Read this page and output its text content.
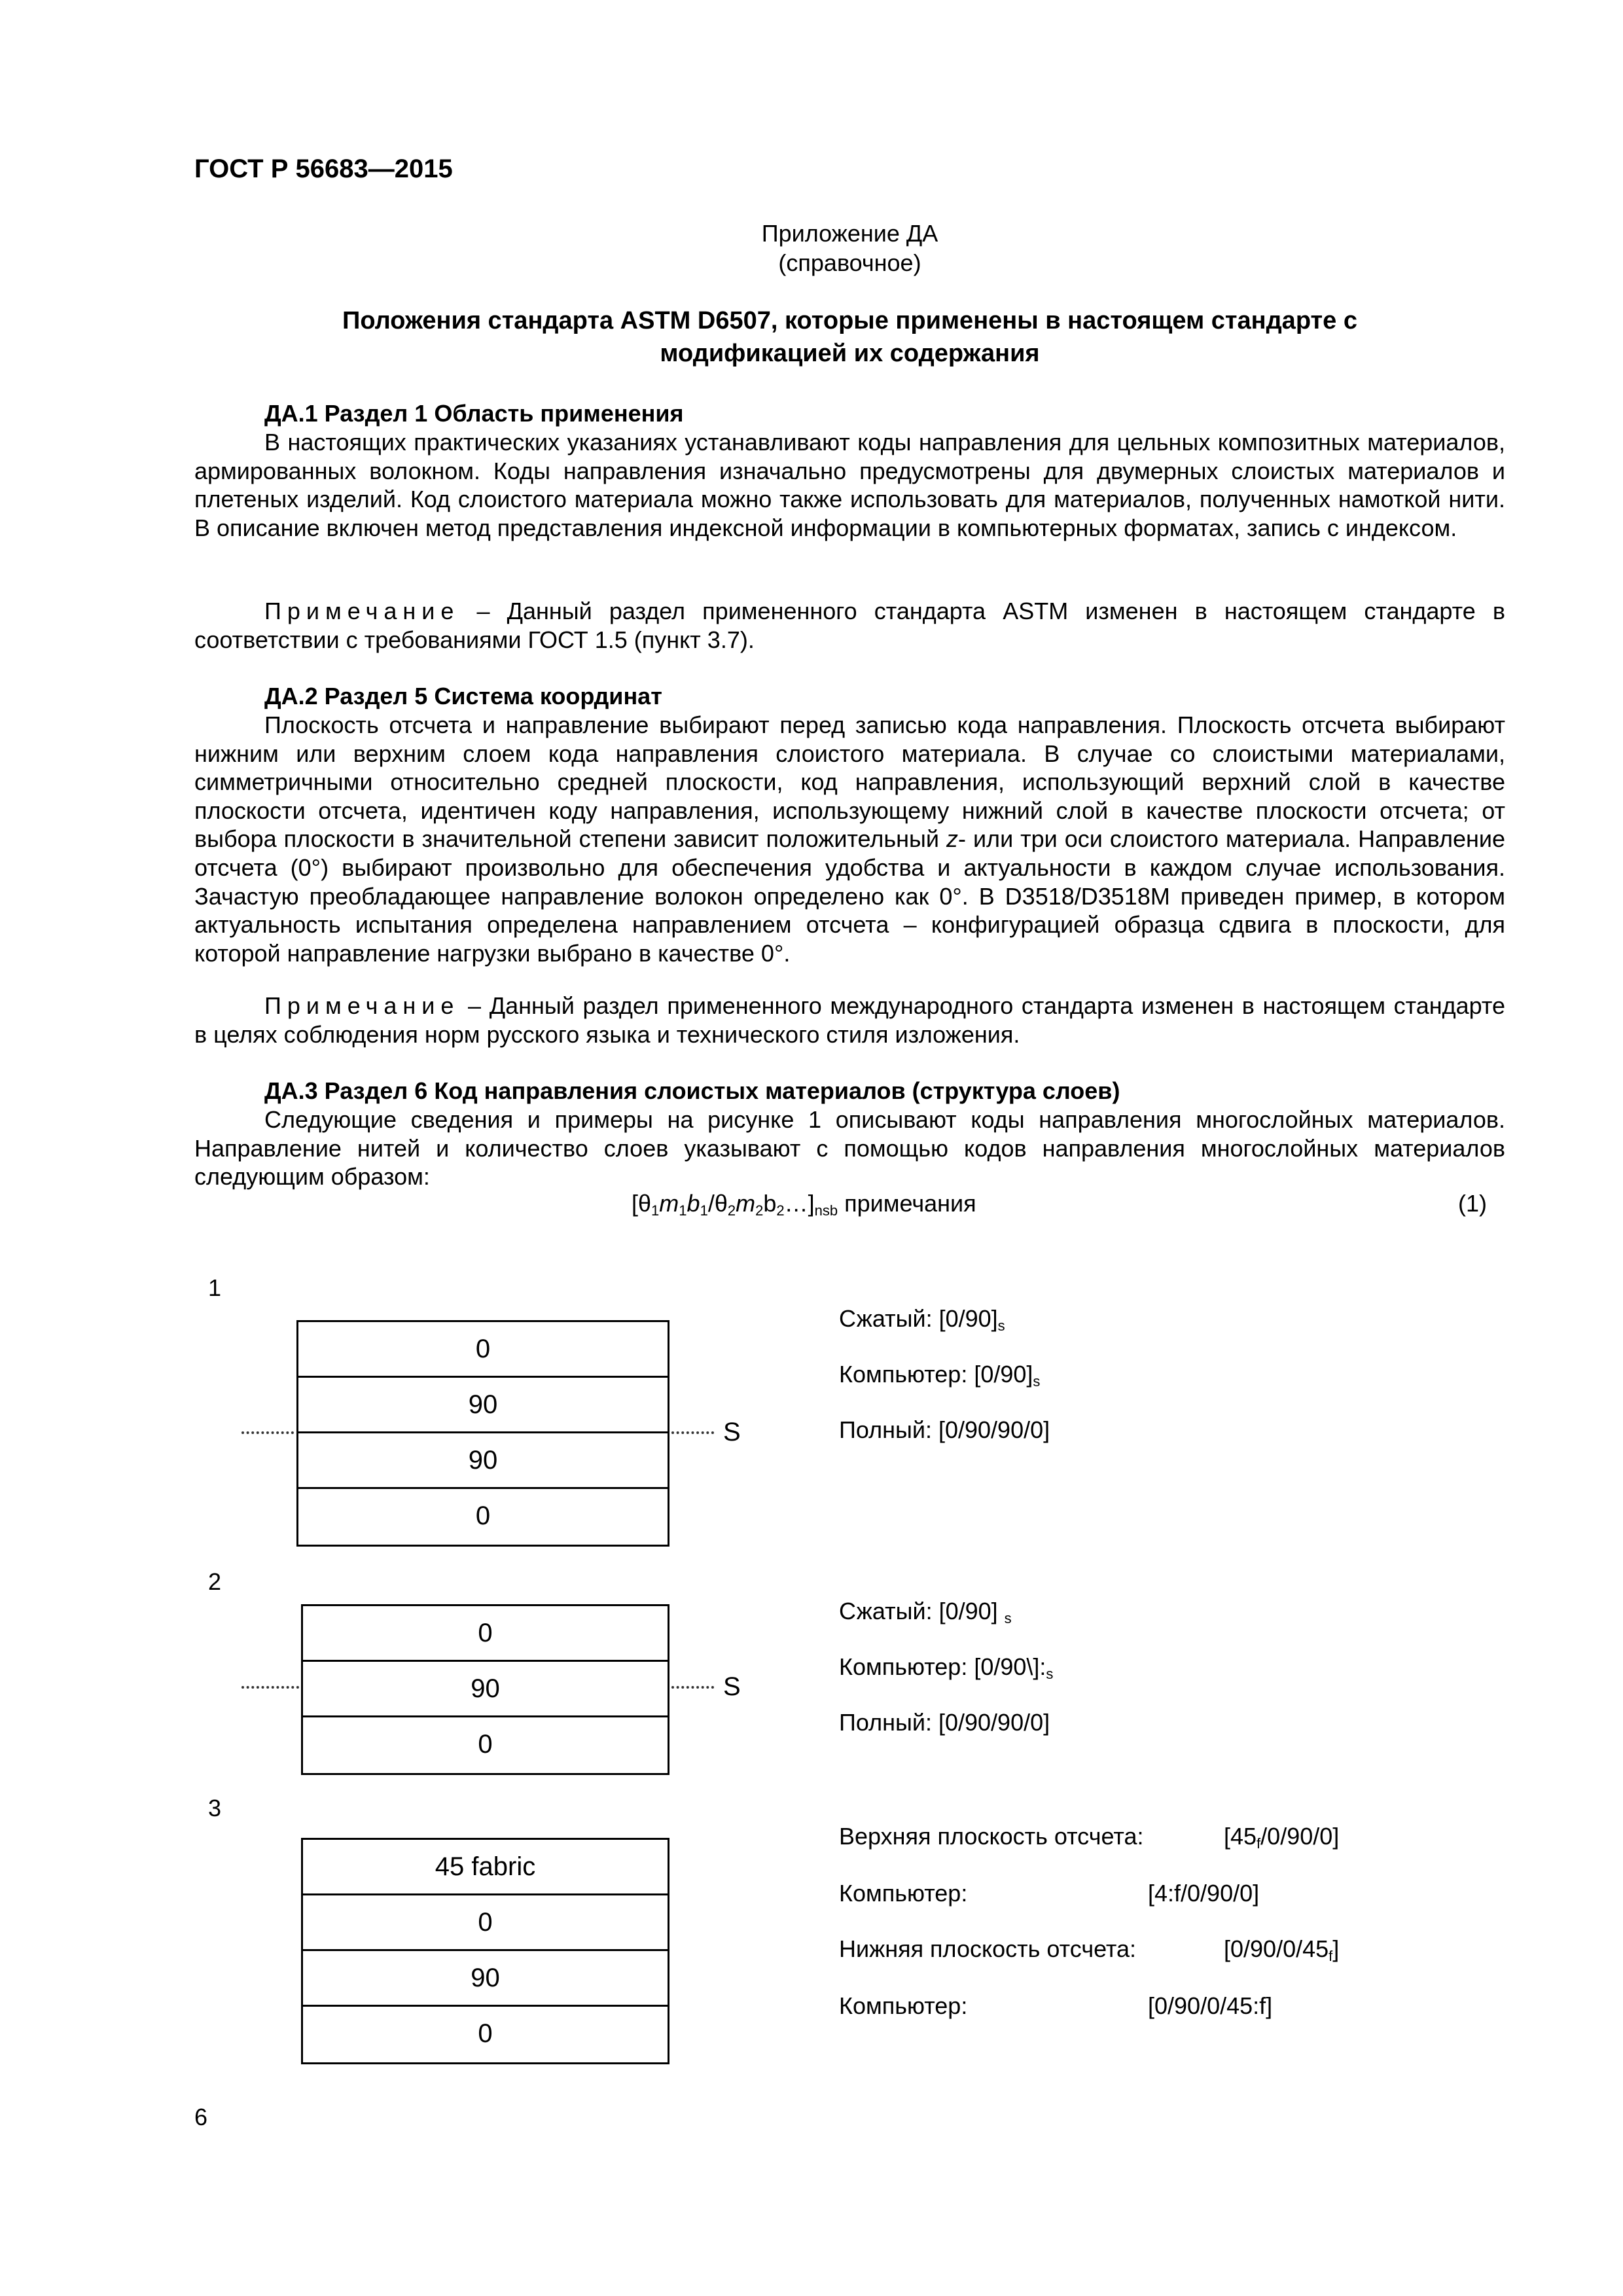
ГОСТ Р 56683—2015
Приложение ДА
(справочное)
Положения стандарта ASTM D6507, которые применены в настоящем стандарте с
модификацией их содержания
ДА.1 Раздел 1 Область применения
В настоящих практических указаниях устанавливают коды направления для цельных композитных материалов, армированных волокном. Коды направления изначально предусмотрены для двумерных слоистых материалов и плетеных изделий. Код слоистого материала можно также использовать для материалов, полученных намоткой нити. В описание включен метод представления индексной информации в компьютерных форматах, запись с индексом.
Примечание – Данный раздел примененного стандарта ASTM изменен в настоящем стандарте в соответствии с требованиями ГОСТ 1.5 (пункт 3.7).
ДА.2 Раздел 5 Система координат
Плоскость отсчета и направление выбирают перед записью кода направления. Плоскость отсчета выбирают нижним или верхним слоем кода направления слоистого материала. В случае со слоистыми материалами, симметричными относительно средней плоскости, код направления, использующий верхний слой в качестве плоскости отсчета, идентичен коду направления, использующему нижний слой в качестве плоскости отсчета; от выбора плоскости в значительной степени зависит положительный z- или три оси слоистого материала. Направление отсчета (0°) выбирают произвольно для обеспечения удобства и актуальности в каждом случае использования. Зачастую преобладающее направление волокон определено как 0°. В D3518/D3518M приведен пример, в котором актуальность испытания определена направлением отсчета – конфигурацией образца сдвига в плоскости, для которой направление нагрузки выбрано в качестве 0°.
Примечание – Данный раздел примененного международного стандарта изменен в настоящем стандарте в целях соблюдения норм русского языка и технического стиля изложения.
ДА.3 Раздел 6 Код направления слоистых материалов (структура слоев)
Следующие сведения и примеры на рисунке 1 описывают коды направления многослойных материалов. Направление нитей и количество слоев указывают с помощью кодов направления многослойных материалов следующим образом:
$[\theta_1m_1b_1/\theta_2m_2b_2\dots]_{nsb}$ примечания	(1)
1
0
90
90
0
S
Сжатый: $[0/90]_s$
Компьютер: $[0/90]_s$
Полный: [0/90/90/0]
2
0
90
0
S
Сжатый: [0/90] $_s$
Компьютер: $[0/90\backslash]:_s$
Полный: [0/90/90/0]
3
45 fabric
0
90
0
Верхняя плоскость отсчета:	$[45_f/0/90/0]$
Компьютер:	[4:f/0/90/0]
Нижняя плоскость отсчета:	$[0/90/0/45_f]$
Компьютер:	[0/90/0/45:f]
6
